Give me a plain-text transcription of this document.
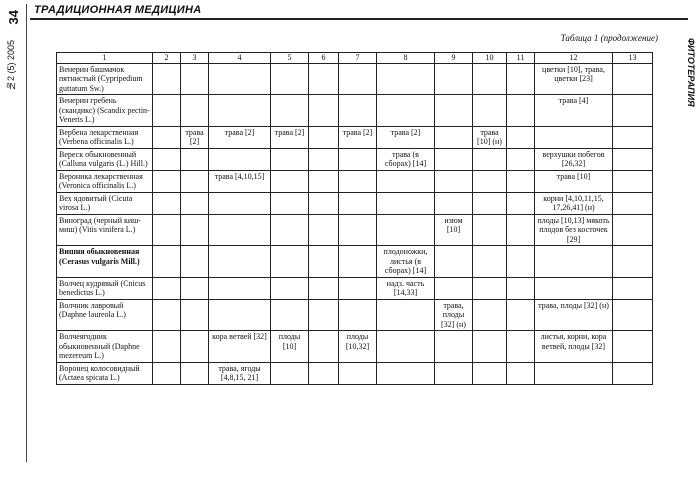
ТРАДИЦИОННАЯ МЕДИЦИНА
34
№2 (5) 2005	ФИТОТЕРАПИЯ
Таблица 1 (продолжение)
1	2	3	4	5	6	7	8	9	10	11	12	13
Венерин башмачок пятнистый (Cypripedium guttatum Sw.)											цветки [10], трава, цветки [23]	
Венерин гребень (скандикс) (Scandix pectin-Veneris L.)											трава [4]	
Вербена лекарственная (Verbena officinalis L.)		трава [2]	трава [2]	трава [2]		трава [2]	трава [2]		трава [10] (н)			
Вереск обыкновенный (Calluna vulgaris (L.) Hill.)							трава (в сборах) [14]				верхушки побегов [26,32]	
Вероника лекарственная (Veronica officinalis L.)			трава [4,10,15]								трава [10]	
Вех ядовитый (Cicuta virosa L.)											корни [4,10,11,15, 17,26,41] (н)	
Виноград (черный киш-миш) (Vitis vinifera L.)								изюм [10]			плоды [10,13] мякоть плодов без косточек [29]	
Вишня обыкновенная (Cerasus vulgaris Mill.)							плодоножки, листья (в сборах) [14]					
Волчец кудрявый (Cnicus benedictus L.)							надз. часть [14,33]					
Волчник лавровый (Daphne laureola L.)								трава, плоды [32] (н)			трава, плоды [32] (н)	
Волчеягодник обыкновенный (Daphne mezereum L.)			кора ветвей [32]	плоды [10]		плоды [10,32]					листья, корни, кора ветвей, плоды [32]	
Воронец колосовидный (Actaea spicata L.)			трава, ягоды [4,8,15, 21]									
